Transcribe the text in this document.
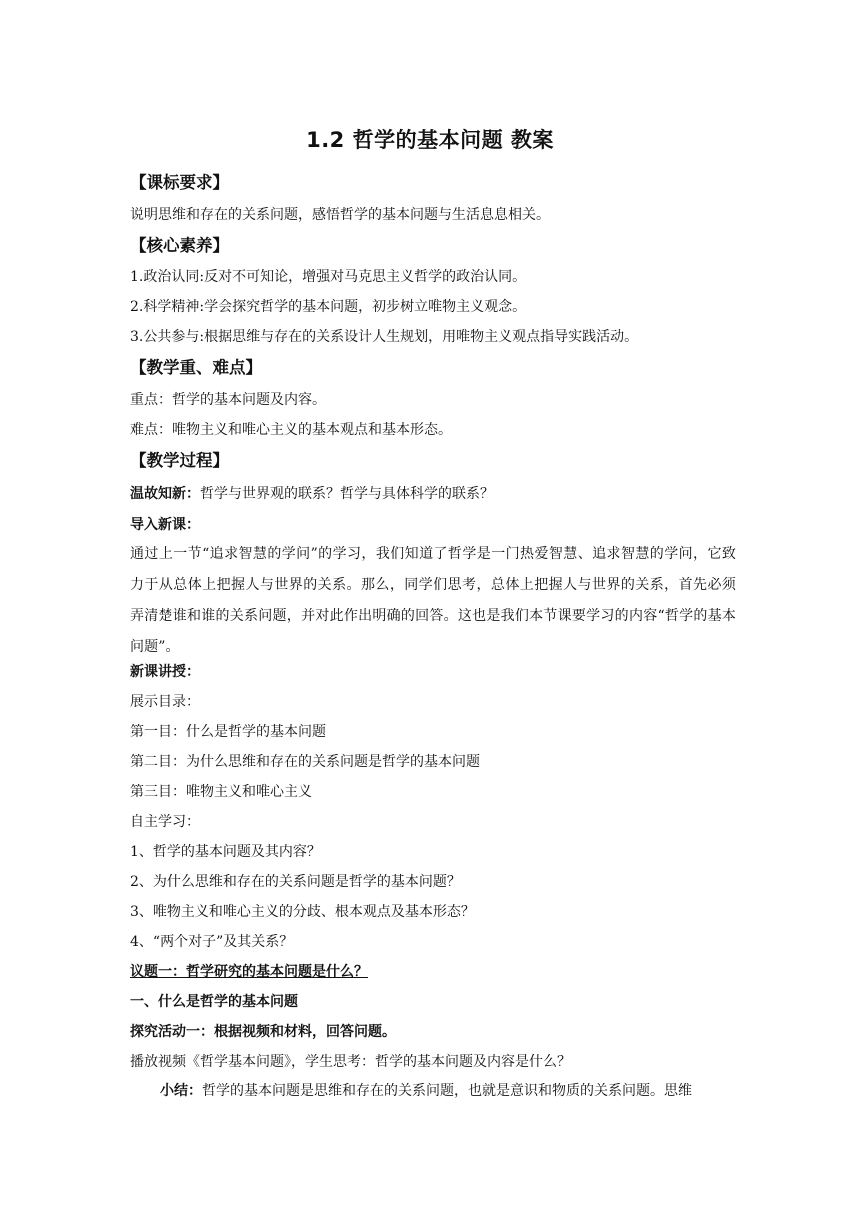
1.2 哲学的基本问题 教案
【课标要求】
说明思维和存在的关系问题，感悟哲学的基本问题与生活息息相关。
【核心素养】
1.政治认同:反对不可知论，增强对马克思主义哲学的政治认同。
2.科学精神:学会探究哲学的基本问题，初步树立唯物主义观念。
3.公共参与:根据思维与存在的关系设计人生规划，用唯物主义观点指导实践活动。
【教学重、难点】
重点：哲学的基本问题及内容。
难点：唯物主义和唯心主义的基本观点和基本形态。
【教学过程】
温故知新：哲学与世界观的联系？哲学与具体科学的联系？
导入新课：
通过上一节“追求智慧的学问”的学习，我们知道了哲学是一门热爱智慧、追求智慧的学问，它致力于从总体上把握人与世界的关系。那么，同学们思考，总体上把握人与世界的关系，首先必须弄清楚谁和谁的关系问题，并对此作出明确的回答。这也是我们本节课要学习的内容“哲学的基本问题”。
新课讲授：
展示目录：
第一目：什么是哲学的基本问题
第二目：为什么思维和存在的关系问题是哲学的基本问题
第三目：唯物主义和唯心主义
自主学习：
1、哲学的基本问题及其内容？
2、为什么思维和存在的关系问题是哲学的基本问题？
3、唯物主义和唯心主义的分歧、根本观点及基本形态？
4、“两个对子”及其关系？
议题一：哲学研究的基本问题是什么？
一、什么是哲学的基本问题
探究活动一：根据视频和材料，回答问题。
播放视频《哲学基本问题》，学生思考：哲学的基本问题及内容是什么？
小结：哲学的基本问题是思维和存在的关系问题，也就是意识和物质的关系问题。思维
